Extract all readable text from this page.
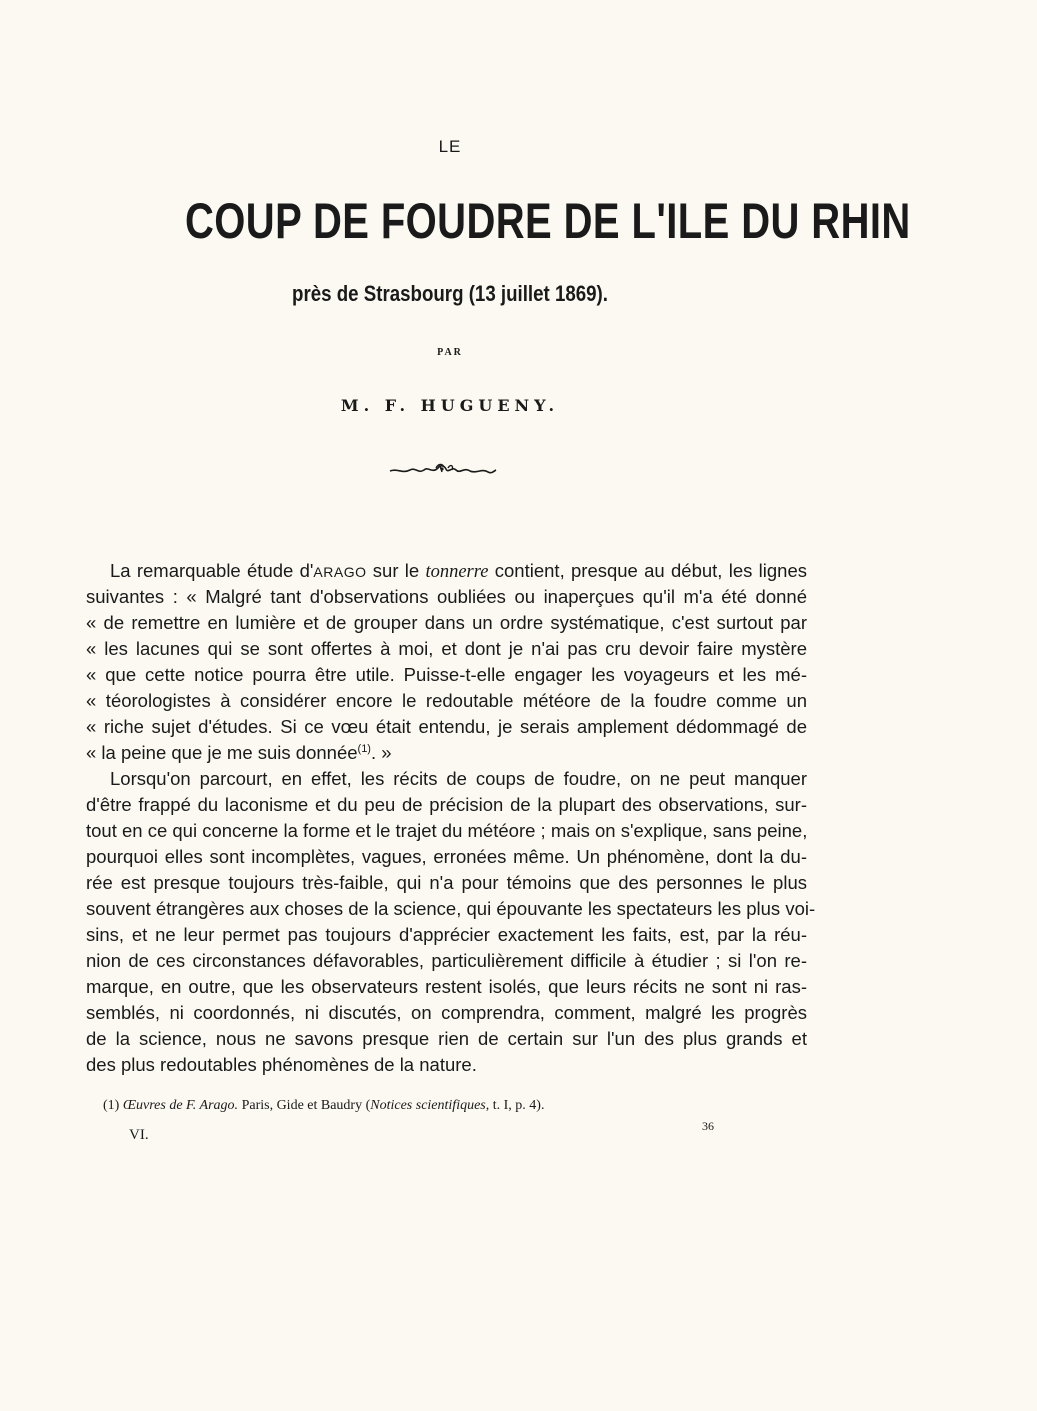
LE
COUP DE FOUDRE DE L'ILE DU RHIN
près de Strasbourg (13 juillet 1869).
PAR
M. F. HUGUENY.
La remarquable étude d'ARAGO sur le tonnerre contient, presque au début, les lignes
suivantes : « Malgré tant d'observations oubliées ou inaperçues qu'il m'a été donné
« de remettre en lumière et de grouper dans un ordre systématique, c'est surtout par
« les lacunes qui se sont offertes à moi, et dont je n'ai pas cru devoir faire mystère
« que cette notice pourra être utile. Puisse-t-elle engager les voyageurs et les mé-
« téorologistes à considérer encore le redoutable météore de la foudre comme un
« riche sujet d'études. Si ce vœu était entendu, je serais amplement dédommagé de
« la peine que je me suis donnée$^{(1)}$. »
Lorsqu'on parcourt, en effet, les récits de coups de foudre, on ne peut manquer
d'être frappé du laconisme et du peu de précision de la plupart des observations, sur-
tout en ce qui concerne la forme et le trajet du météore ; mais on s'explique, sans peine,
pourquoi elles sont incomplètes, vagues, erronées même. Un phénomène, dont la du-
rée est presque toujours très-faible, qui n'a pour témoins que des personnes le plus
souvent étrangères aux choses de la science, qui épouvante les spectateurs les plus voi-
sins, et ne leur permet pas toujours d'apprécier exactement les faits, est, par la réu-
nion de ces circonstances défavorables, particulièrement difficile à étudier ; si l'on re-
marque, en outre, que les observateurs restent isolés, que leurs récits ne sont ni ras-
semblés, ni coordonnés, ni discutés, on comprendra, comment, malgré les progrès
de la science, nous ne savons presque rien de certain sur l'un des plus grands et
des plus redoutables phénomènes de la nature.
(1) Œuvres de F. Arago. Paris, Gide et Baudry (Notices scientifiques, t. I, p. 4).
VI.
36
